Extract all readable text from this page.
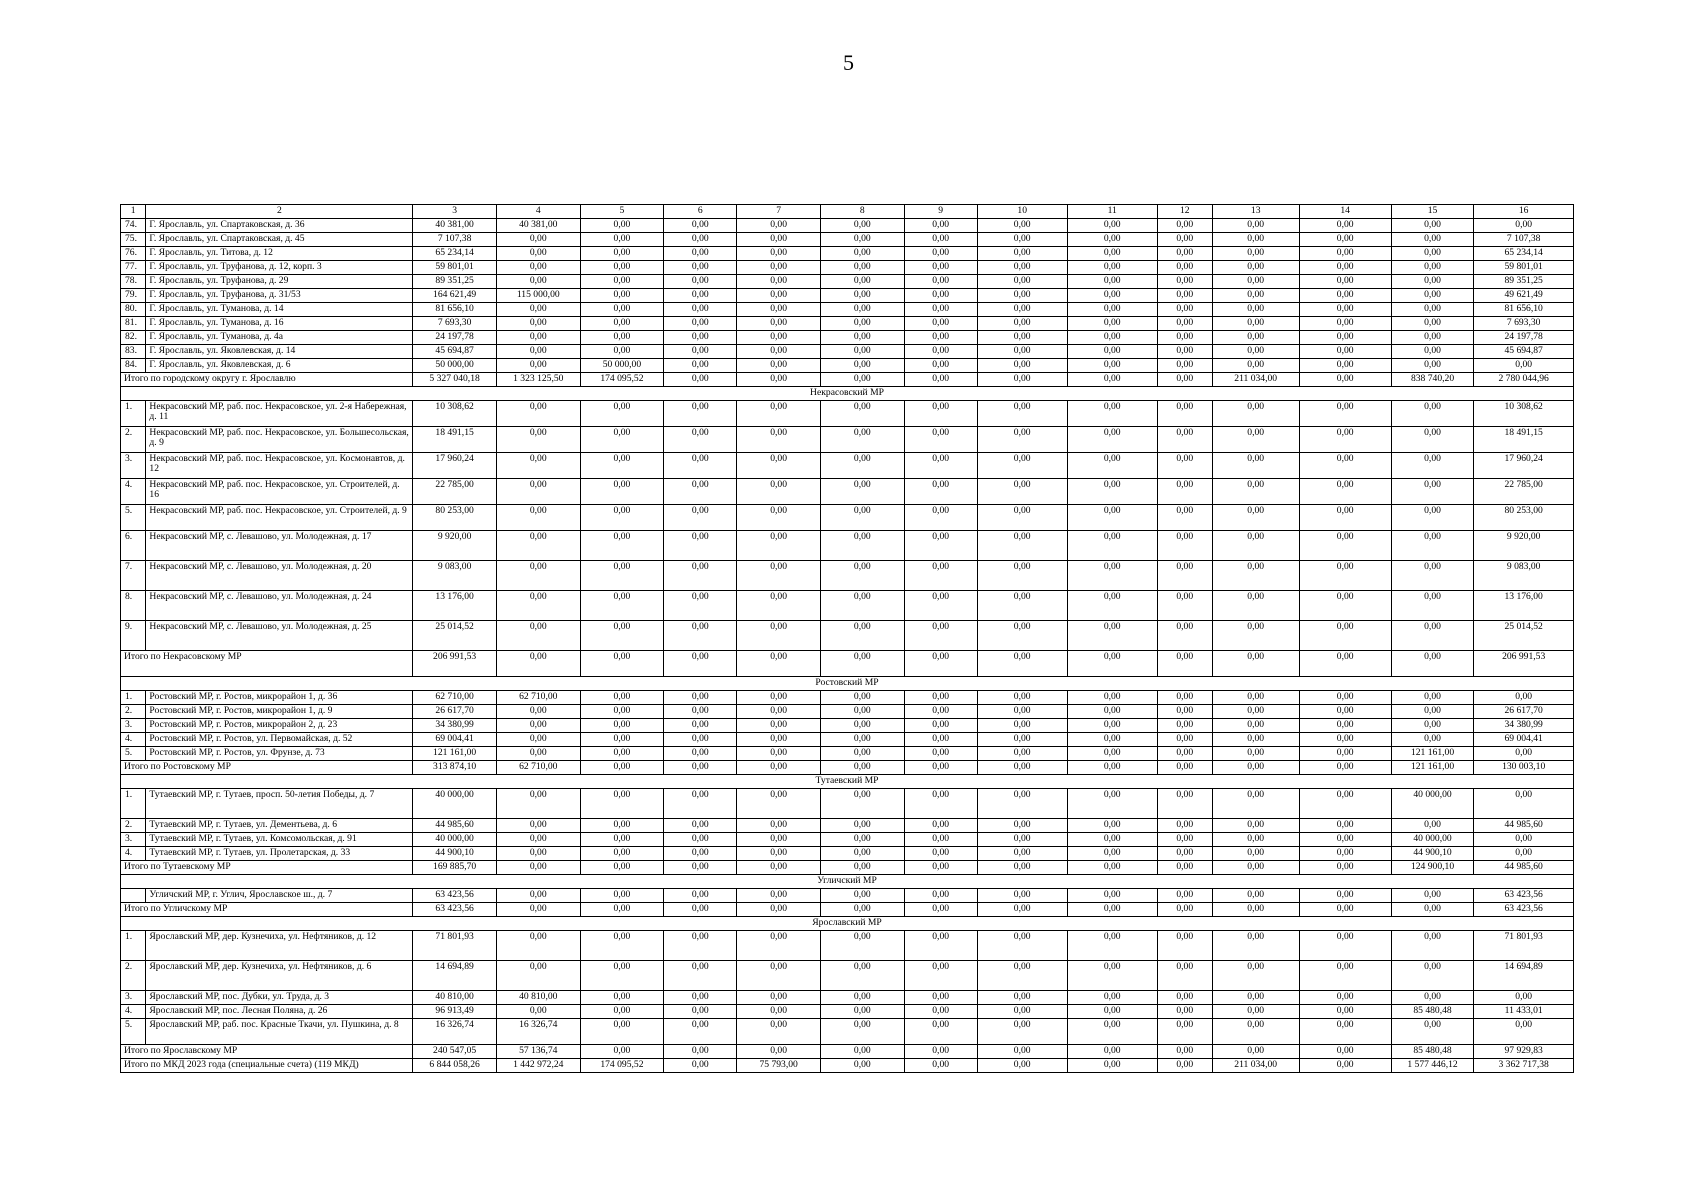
5
1	2	3	4	5	6	7	8	9	10	11	12	13	14	15	16
74.	Г. Ярославль, ул. Спартаковская, д. 36	40 381,00	40 381,00	0,00	0,00	0,00	0,00	0,00	0,00	0,00	0,00	0,00	0,00	0,00	0,00
75.	Г. Ярославль, ул. Спартаковская, д. 45	7 107,38	0,00	0,00	0,00	0,00	0,00	0,00	0,00	0,00	0,00	0,00	0,00	0,00	7 107,38
76.	Г. Ярославль, ул. Титова, д. 12	65 234,14	0,00	0,00	0,00	0,00	0,00	0,00	0,00	0,00	0,00	0,00	0,00	0,00	65 234,14
77.	Г. Ярославль, ул. Труфанова, д. 12, корп. 3	59 801,01	0,00	0,00	0,00	0,00	0,00	0,00	0,00	0,00	0,00	0,00	0,00	0,00	59 801,01
78.	Г. Ярославль, ул. Труфанова, д. 29	89 351,25	0,00	0,00	0,00	0,00	0,00	0,00	0,00	0,00	0,00	0,00	0,00	0,00	89 351,25
79.	Г. Ярославль, ул. Труфанова, д. 31/53	164 621,49	115 000,00	0,00	0,00	0,00	0,00	0,00	0,00	0,00	0,00	0,00	0,00	0,00	49 621,49
80.	Г. Ярославль, ул. Туманова, д. 14	81 656,10	0,00	0,00	0,00	0,00	0,00	0,00	0,00	0,00	0,00	0,00	0,00	0,00	81 656,10
81.	Г. Ярославль, ул. Туманова, д. 16	7 693,30	0,00	0,00	0,00	0,00	0,00	0,00	0,00	0,00	0,00	0,00	0,00	0,00	7 693,30
82.	Г. Ярославль, ул. Туманова, д. 4а	24 197,78	0,00	0,00	0,00	0,00	0,00	0,00	0,00	0,00	0,00	0,00	0,00	0,00	24 197,78
83.	Г. Ярославль, ул. Яковлевская, д. 14	45 694,87	0,00	0,00	0,00	0,00	0,00	0,00	0,00	0,00	0,00	0,00	0,00	0,00	45 694,87
84.	Г. Ярославль, ул. Яковлевская, д. 6	50 000,00	0,00	50 000,00	0,00	0,00	0,00	0,00	0,00	0,00	0,00	0,00	0,00	0,00	0,00
Итого по городскому округу г. Ярославлю		5 327 040,18	1 323 125,50	174 095,52	0,00	0,00	0,00	0,00	0,00	0,00	0,00	211 034,00	0,00	838 740,20	2 780 044,96
Некрасовский МР															
1.	Некрасовский МР, раб. пос. Некрасовское, ул. 2-я Набережная, д. 11	10 308,62	0,00	0,00	0,00	0,00	0,00	0,00	0,00	0,00	0,00	0,00	0,00	0,00	10 308,62
2.	Некрасовский МР, раб. пос. Некрасовское, ул. Большесольская, д. 9	18 491,15	0,00	0,00	0,00	0,00	0,00	0,00	0,00	0,00	0,00	0,00	0,00	0,00	18 491,15
3.	Некрасовский МР, раб. пос. Некрасовское, ул. Космонавтов, д. 12	17 960,24	0,00	0,00	0,00	0,00	0,00	0,00	0,00	0,00	0,00	0,00	0,00	0,00	17 960,24
4.	Некрасовский МР, раб. пос. Некрасовское, ул. Строителей, д. 16	22 785,00	0,00	0,00	0,00	0,00	0,00	0,00	0,00	0,00	0,00	0,00	0,00	0,00	22 785,00
5.	Некрасовский МР, раб. пос. Некрасовское, ул. Строителей, д. 9	80 253,00	0,00	0,00	0,00	0,00	0,00	0,00	0,00	0,00	0,00	0,00	0,00	0,00	80 253,00
6.	Некрасовский МР, с. Левашово, ул. Молодежная, д. 17	9 920,00	0,00	0,00	0,00	0,00	0,00	0,00	0,00	0,00	0,00	0,00	0,00	0,00	9 920,00
7.	Некрасовский МР, с. Левашово, ул. Молодежная, д. 20	9 083,00	0,00	0,00	0,00	0,00	0,00	0,00	0,00	0,00	0,00	0,00	0,00	0,00	9 083,00
8.	Некрасовский МР, с. Левашово, ул. Молодежная, д. 24	13 176,00	0,00	0,00	0,00	0,00	0,00	0,00	0,00	0,00	0,00	0,00	0,00	0,00	13 176,00
9.	Некрасовский МР, с. Левашово, ул. Молодежная, д. 25	25 014,52	0,00	0,00	0,00	0,00	0,00	0,00	0,00	0,00	0,00	0,00	0,00	0,00	25 014,52
Итого по Некрасовскому МР		206 991,53	0,00	0,00	0,00	0,00	0,00	0,00	0,00	0,00	0,00	0,00	0,00	0,00	206 991,53
Ростовский МР															
1.	Ростовский МР, г. Ростов, микрорайон 1, д. 36	62 710,00	62 710,00	0,00	0,00	0,00	0,00	0,00	0,00	0,00	0,00	0,00	0,00	0,00	0,00
2.	Ростовский МР, г. Ростов, микрорайон 1, д. 9	26 617,70	0,00	0,00	0,00	0,00	0,00	0,00	0,00	0,00	0,00	0,00	0,00	0,00	26 617,70
3.	Ростовский МР, г. Ростов, микрорайон 2, д. 23	34 380,99	0,00	0,00	0,00	0,00	0,00	0,00	0,00	0,00	0,00	0,00	0,00	0,00	34 380,99
4.	Ростовский МР, г. Ростов, ул. Первомайская, д. 52	69 004,41	0,00	0,00	0,00	0,00	0,00	0,00	0,00	0,00	0,00	0,00	0,00	0,00	69 004,41
5.	Ростовский МР, г. Ростов, ул. Фрунзе, д. 73	121 161,00	0,00	0,00	0,00	0,00	0,00	0,00	0,00	0,00	0,00	0,00	0,00	121 161,00	0,00
Итого по Ростовскому МР		313 874,10	62 710,00	0,00	0,00	0,00	0,00	0,00	0,00	0,00	0,00	0,00	0,00	121 161,00	130 003,10
Тутаевский МР															
1.	Тутаевский МР, г. Тутаев, просп. 50-летия Победы, д. 7	40 000,00	0,00	0,00	0,00	0,00	0,00	0,00	0,00	0,00	0,00	0,00	0,00	40 000,00	0,00
2.	Тутаевский МР, г. Тутаев, ул. Дементьева, д. 6	44 985,60	0,00	0,00	0,00	0,00	0,00	0,00	0,00	0,00	0,00	0,00	0,00	0,00	44 985,60
3.	Тутаевский МР, г. Тутаев, ул. Комсомольская, д. 91	40 000,00	0,00	0,00	0,00	0,00	0,00	0,00	0,00	0,00	0,00	0,00	0,00	40 000,00	0,00
4.	Тутаевский МР, г. Тутаев, ул. Пролетарская, д. 33	44 900,10	0,00	0,00	0,00	0,00	0,00	0,00	0,00	0,00	0,00	0,00	0,00	44 900,10	0,00
Итого по Тутаевскому МР		169 885,70	0,00	0,00	0,00	0,00	0,00	0,00	0,00	0,00	0,00	0,00	0,00	124 900,10	44 985,60
Угличский МР															
	Угличский МР, г. Углич, Ярославское ш., д. 7	63 423,56	0,00	0,00	0,00	0,00	0,00	0,00	0,00	0,00	0,00	0,00	0,00	0,00	63 423,56
Итого по Угличскому МР		63 423,56	0,00	0,00	0,00	0,00	0,00	0,00	0,00	0,00	0,00	0,00	0,00	0,00	63 423,56
Ярославский МР															
1.	Ярославский МР, дер. Кузнечиха, ул. Нефтяников, д. 12	71 801,93	0,00	0,00	0,00	0,00	0,00	0,00	0,00	0,00	0,00	0,00	0,00	0,00	71 801,93
2.	Ярославский МР, дер. Кузнечиха, ул. Нефтяников, д. 6	14 694,89	0,00	0,00	0,00	0,00	0,00	0,00	0,00	0,00	0,00	0,00	0,00	0,00	14 694,89
3.	Ярославский МР, пос. Дубки, ул. Труда, д. 3	40 810,00	40 810,00	0,00	0,00	0,00	0,00	0,00	0,00	0,00	0,00	0,00	0,00	0,00	0,00
4.	Ярославский МР, пос. Лесная Поляна, д. 26	96 913,49	0,00	0,00	0,00	0,00	0,00	0,00	0,00	0,00	0,00	0,00	0,00	85 480,48	11 433,01
5.	Ярославский МР, раб. пос. Красные Ткачи, ул. Пушкина, д. 8	16 326,74	16 326,74	0,00	0,00	0,00	0,00	0,00	0,00	0,00	0,00	0,00	0,00	0,00	0,00
Итого по Ярославскому МР		240 547,05	57 136,74	0,00	0,00	0,00	0,00	0,00	0,00	0,00	0,00	0,00	0,00	85 480,48	97 929,83
Итого по МКД 2023 года (специальные счета) (119 МКД)		6 844 058,26	1 442 972,24	174 095,52	0,00	75 793,00	0,00	0,00	0,00	0,00	0,00	211 034,00	0,00	1 577 446,12	3 362 717,38
